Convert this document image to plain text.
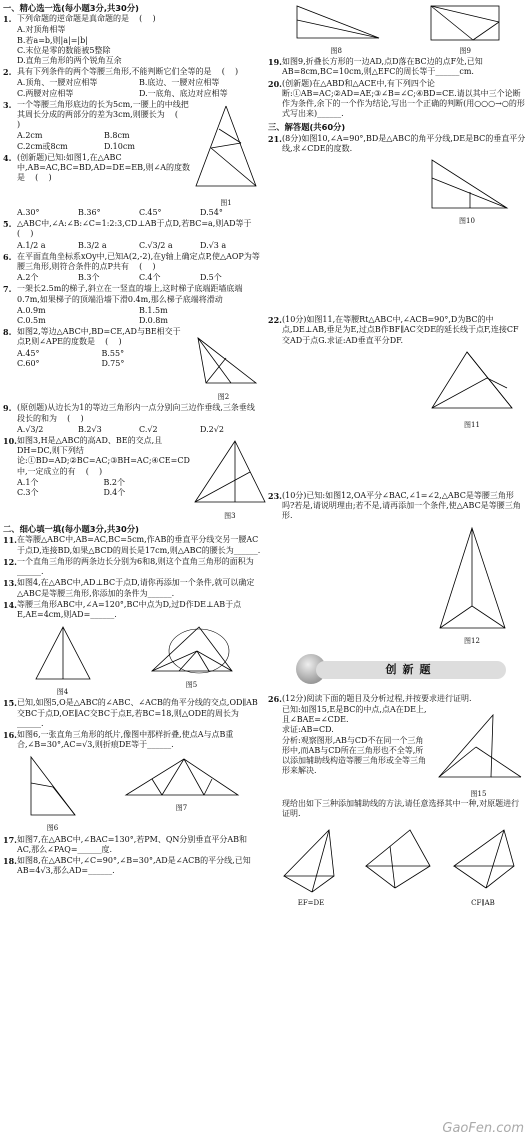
一、精心选一选(每小题3分,共30分)
1. 下列命题的逆命题是真命题的是    (    )
A.对顶角相等
B.若a=b,则|a|=|b|
C.末位是零的数能被5整除
D.直角三角形的两个锐角互余
2. 具有下列条件的两个等腰三角形,不能判断它们全等的是    (    )
A.顶角、一腰对应相等	B.底边、一腰对应相等
C.两腰对应相等	D.一底角、底边对应相等
3. 一个等腰三角形底边的长为5cm,一腰上的中线把其周长分成的两部分的差为3cm,则腰长为    (    )
A.2cm	B.8cm
C.2cm或8cm	D.10cm
4. (创新题)已知:如图1,在△ABC中,AB=AC,BC=BD,AD=DE=EB,则∠A的度数是    (    )
图1
A.30°	B.36°	C.45°	D.54°
5. △ABC中,∠A:∠B:∠C=1:2:3,CD⊥AB于点D,若BC=a,则AD等于    (    )
A.1/2 a	B.3/2 a	C.√3/2 a	D.√3 a
6. 在平面直角坐标系xOy中,已知A(2,-2),在y轴上确定点P,使△AOP为等腰三角形,则符合条件的点P共有    (    )
A.2个	B.3个	C.4个	D.5个
7. 一架长2.5m的梯子,斜立在一竖直的墙上,这时梯子底端距墙底端0.7m,如果梯子的顶端沿墙下滑0.4m,那么梯子底端将滑动
A.0.9m	B.1.5m
C.0.5m	D.0.8m
8. 如图2,等边△ABC中,BD=CE,AD与BE相交于点P,则∠APE的度数是    (    )
A.45°	B.55°
C.60°	D.75°
图2
9. (原创题)从边长为1的等边三角形内一点分别向三边作垂线,三条垂线段长的和为    (    )
A.√3/2	B.2√3	C.√2	D.2√2
10. 如图3,H是△ABC的高AD、BE的交点,且DH=DC,则下列结论:①BD=AD;②BC=AC;③BH=AC;④CE=CD中,一定成立的有    (    )
A.1个	B.2个
C.3个	D.4个
图3
二、细心填一填(每小题3分,共30分)
11. 在等腰△ABC中,AB=AC,BC=5cm,作AB的垂直平分线交另一腰AC于点D,连接BD,如果△BCD的周长是17cm,则△ABC的腰长为______.
12. 一个直角三角形的两条边长分别为6和8,则这个直角三角形的面积为______.
13. 如图4,在△ABC中,AD⊥BC于点D,请你再添加一个条件,就可以确定△ABC是等腰三角形,你添加的条件为______.
14. 等腰三角形ABC中,∠A=120°,BC中点为D,过D作DE⊥AB于点E,AE=4cm,则AD=______.
图4
图5
15. 已知,如图5,O是△ABC的∠ABC、∠ACB的角平分线的交点,OD∥AB交BC于点D,OE∥AC交BC于点E,若BC=18,则△ODE的周长为______.
16. 如图6,一张直角三角形的纸片,像图中那样折叠,使点A与点B重合,∠B=30°,AC=√3,则折痕DE等于______.
图6
图7
17. 如图7,在△ABC中,∠BAC=130°,若PM、QN分别垂直平分AB和AC,那么∠PAQ=______度.
18. 如图8,在△ABC中,∠C=90°,∠B=30°,AD是∠ACB的平分线,已知AB=4√3,那么AD=______.
图8	图9
19. 如图9,折叠长方形的一边AD,点D落在BC边的点F处,已知AB=8cm,BC=10cm,则△EFC的周长等于______cm.
20. (创新题)在△ABD和△ACE中,有下列四个论断:①AB=AC;②AD=AE;③∠B=∠C;④BD=CE.请以其中三个论断作为条件,余下的一个作为结论,写出一个正确的判断(用○○○→○的形式写出来)______.
三、解答题(共60分)
21. (8分)如图10,∠A=90°,BD是△ABC的角平分线,DE是BC的垂直平分线,求∠CDE的度数.
图10
22. (10分)如图11,在等腰Rt△ABC中,∠ACB=90°,D为BC的中点,DE⊥AB,垂足为E,过点B作BF∥AC交DE的延长线于点F,连接CF交AD于点G.求证:AD垂直平分DF.
图11
23. (10分)已知:如图12,OA平分∠BAC,∠1=∠2,△ABC是等腰三角形吗?若是,请说明理由;若不是,请再添加一个条件,使△ABC是等腰三角形.
图12
创新题
26. (12分)阅读下面的题目及分析过程,并按要求进行证明.
已知:如图15,E是BC的中点,点A在DE上,且∠BAE=∠CDE.
求证:AB=CD.
分析:观察图形,AB与CD不在同一个三角形中,而AB与CD所在三角形也不全等,所以添加辅助线构造等腰三角形或全等三角形来解决.
图15
现给出如下三种添加辅助线的方法,请任意选择其中一种,对原题进行证明.
EF=DE	CF∥AB
GaoFen.com
